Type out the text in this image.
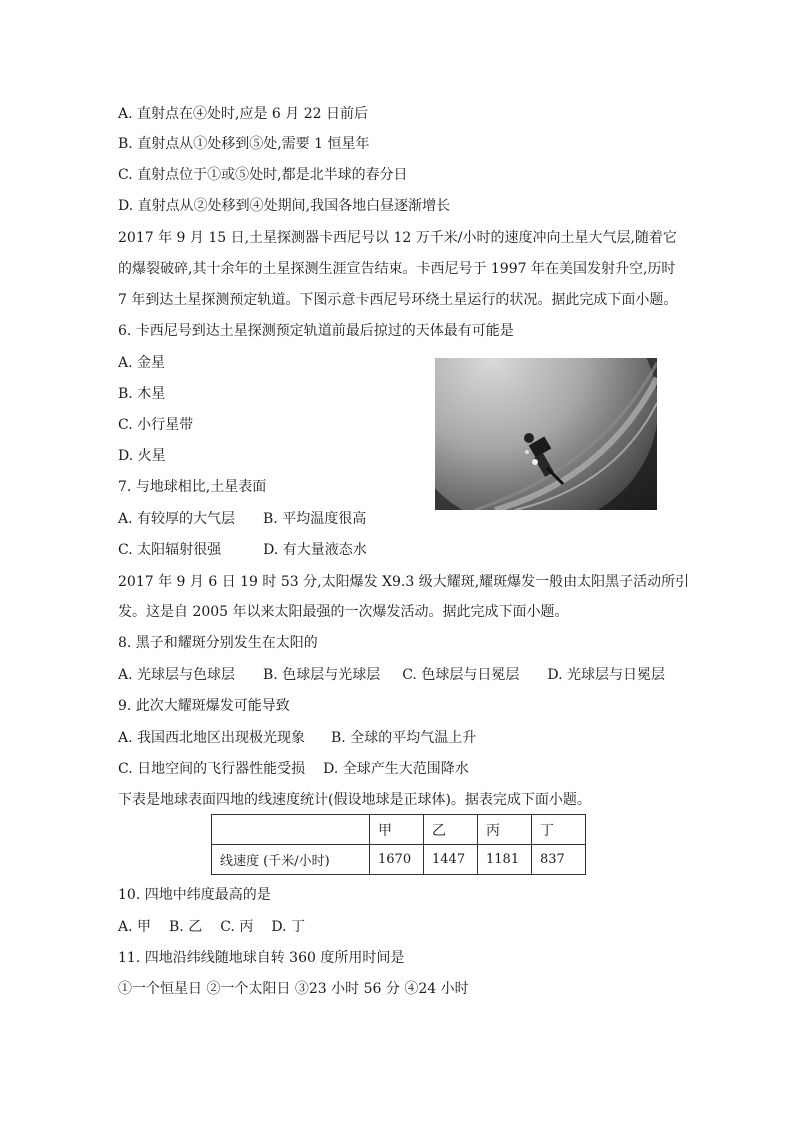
A. 直射点在④处时,应是 6 月 22 日前后
B. 直射点从①处移到⑤处,需要 1 恒星年
C. 直射点位于①或⑤处时,都是北半球的春分日
D. 直射点从②处移到④处期间,我国各地白昼逐渐增长
2017 年 9 月 15 日,土星探测器卡西尼号以 12 万千米/小时的速度冲向土星大气层,随着它
的爆裂破碎,其十余年的土星探测生涯宣告结束。卡西尼号于 1997 年在美国发射升空,历时
7 年到达土星探测预定轨道。下图示意卡西尼号环绕土星运行的状况。据此完成下面小题。
6. 卡西尼号到达土星探测预定轨道前最后掠过的天体最有可能是
A. 金星
B. 木星
C. 小行星带
D. 火星
7. 与地球相比,土星表面
A. 有较厚的大气层 B. 平均温度很高
C. 太阳辐射很强	D. 有大量液态水
2017 年 9 月 6 日 19 时 53 分,太阳爆发 X9.3 级大耀斑,耀斑爆发一般由太阳黑子活动所引
发。这是自 2005 年以来太阳最强的一次爆发活动。据此完成下面小题。
8. 黑子和耀斑分别发生在太阳的
A. 光球层与色球层 B. 色球层与光球层 C. 色球层与日冕层 D. 光球层与日冕层
9. 此次大耀斑爆发可能导致
A. 我国西北地区出现极光现象 B. 全球的平均气温上升
C. 日地空间的飞行器性能受损 D. 全球产生大范围降水
下表是地球表面四地的线速度统计(假设地球是正球体)。据表完成下面小题。
	甲	乙	丙	丁
线速度 (千米/小时)	1670	1447	1181	837
10. 四地中纬度最高的是
A. 甲 B. 乙 C. 丙 D. 丁
11. 四地沿纬线随地球自转 360 度所用时间是
①一个恒星日 ②一个太阳日 ③23 小时 56 分 ④24 小时
